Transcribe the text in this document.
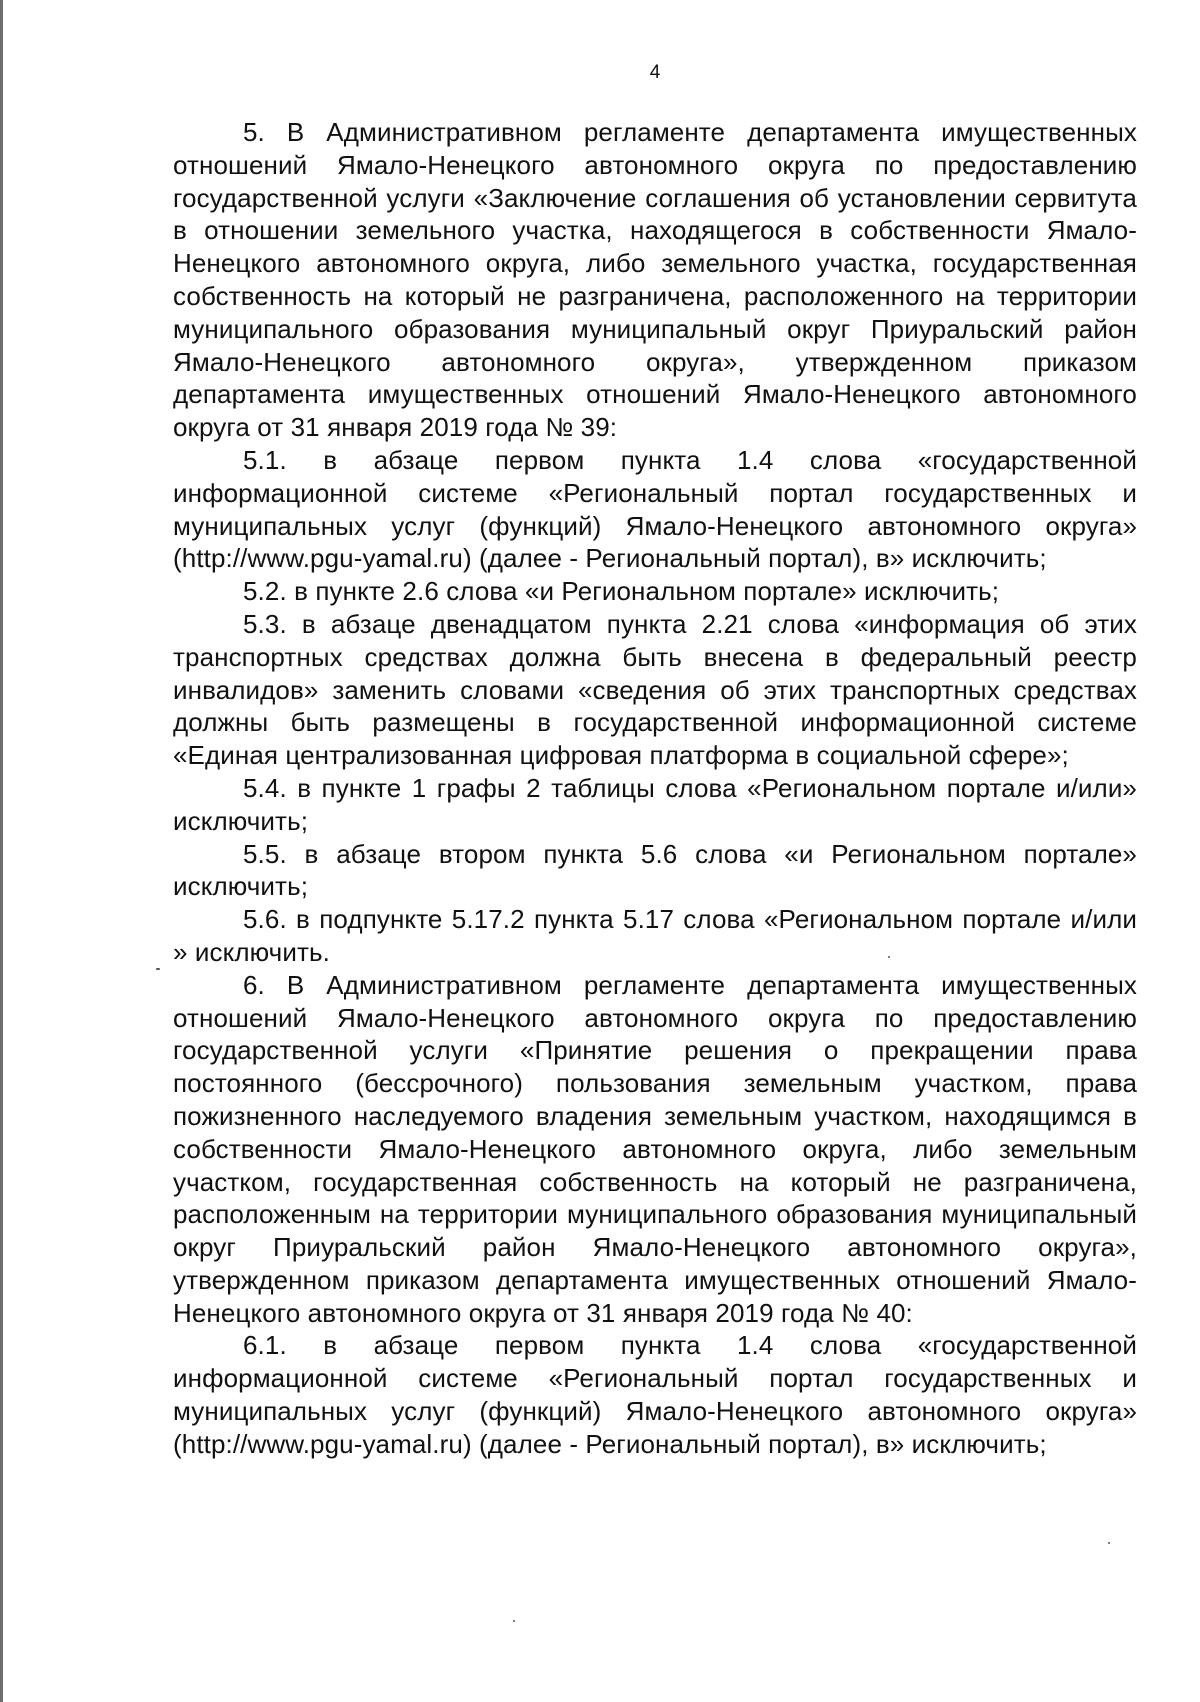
4

5. В Административном регламенте департамента имущественных отношений Ямало-Ненецкого автономного округа по предоставлению государственной услуги «Заключение соглашения об установлении сервитута в отношении земельного участка, находящегося в собственности Ямало-Ненецкого автономного округа, либо земельного участка, государственная собственность на который не разграничена, расположенного на территории муниципального образования муниципальный округ Приуральский район Ямало-Ненецкого автономного округа», утвержденном приказом департамента имущественных отношений Ямало-Ненецкого автономного округа от 31 января 2019 года № 39:

5.1. в абзаце первом пункта 1.4 слова «государственной информационной системе «Региональный портал государственных и муниципальных услуг (функций) Ямало-Ненецкого автономного округа» (http://www.pgu-yamal.ru) (далее - Региональный портал), в» исключить;

5.2. в пункте 2.6 слова «и Региональном портале» исключить;

5.3. в абзаце двенадцатом пункта 2.21 слова «информация об этих транспортных средствах должна быть внесена в федеральный реестр инвалидов» заменить словами «сведения об этих транспортных средствах должны быть размещены в государственной информационной системе «Единая централизованная цифровая платформа в социальной сфере»;

5.4. в пункте 1 графы 2 таблицы слова «Региональном портале и/или» исключить;

5.5. в абзаце втором пункта 5.6 слова «и Региональном портале» исключить;

5.6. в подпункте 5.17.2 пункта 5.17 слова «Региональном портале и/или » исключить.

6. В Административном регламенте департамента имущественных отношений Ямало-Ненецкого автономного округа по предоставлению государственной услуги «Принятие решения о прекращении права постоянного (бессрочного) пользования земельным участком, права пожизненного наследуемого владения земельным участком, находящимся в собственности Ямало-Ненецкого автономного округа, либо земельным участком, государственная собственность на который не разграничена, расположенным на территории муниципального образования муниципальный округ Приуральский район Ямало-Ненецкого автономного округа», утвержденном приказом департамента имущественных отношений Ямало-Ненецкого автономного округа от 31 января 2019 года № 40:

6.1. в абзаце первом пункта 1.4 слова «государственной информационной системе «Региональный портал государственных и муниципальных услуг (функций) Ямало-Ненецкого автономного округа» (http://www.pgu-yamal.ru) (далее - Региональный портал), в» исключить;
